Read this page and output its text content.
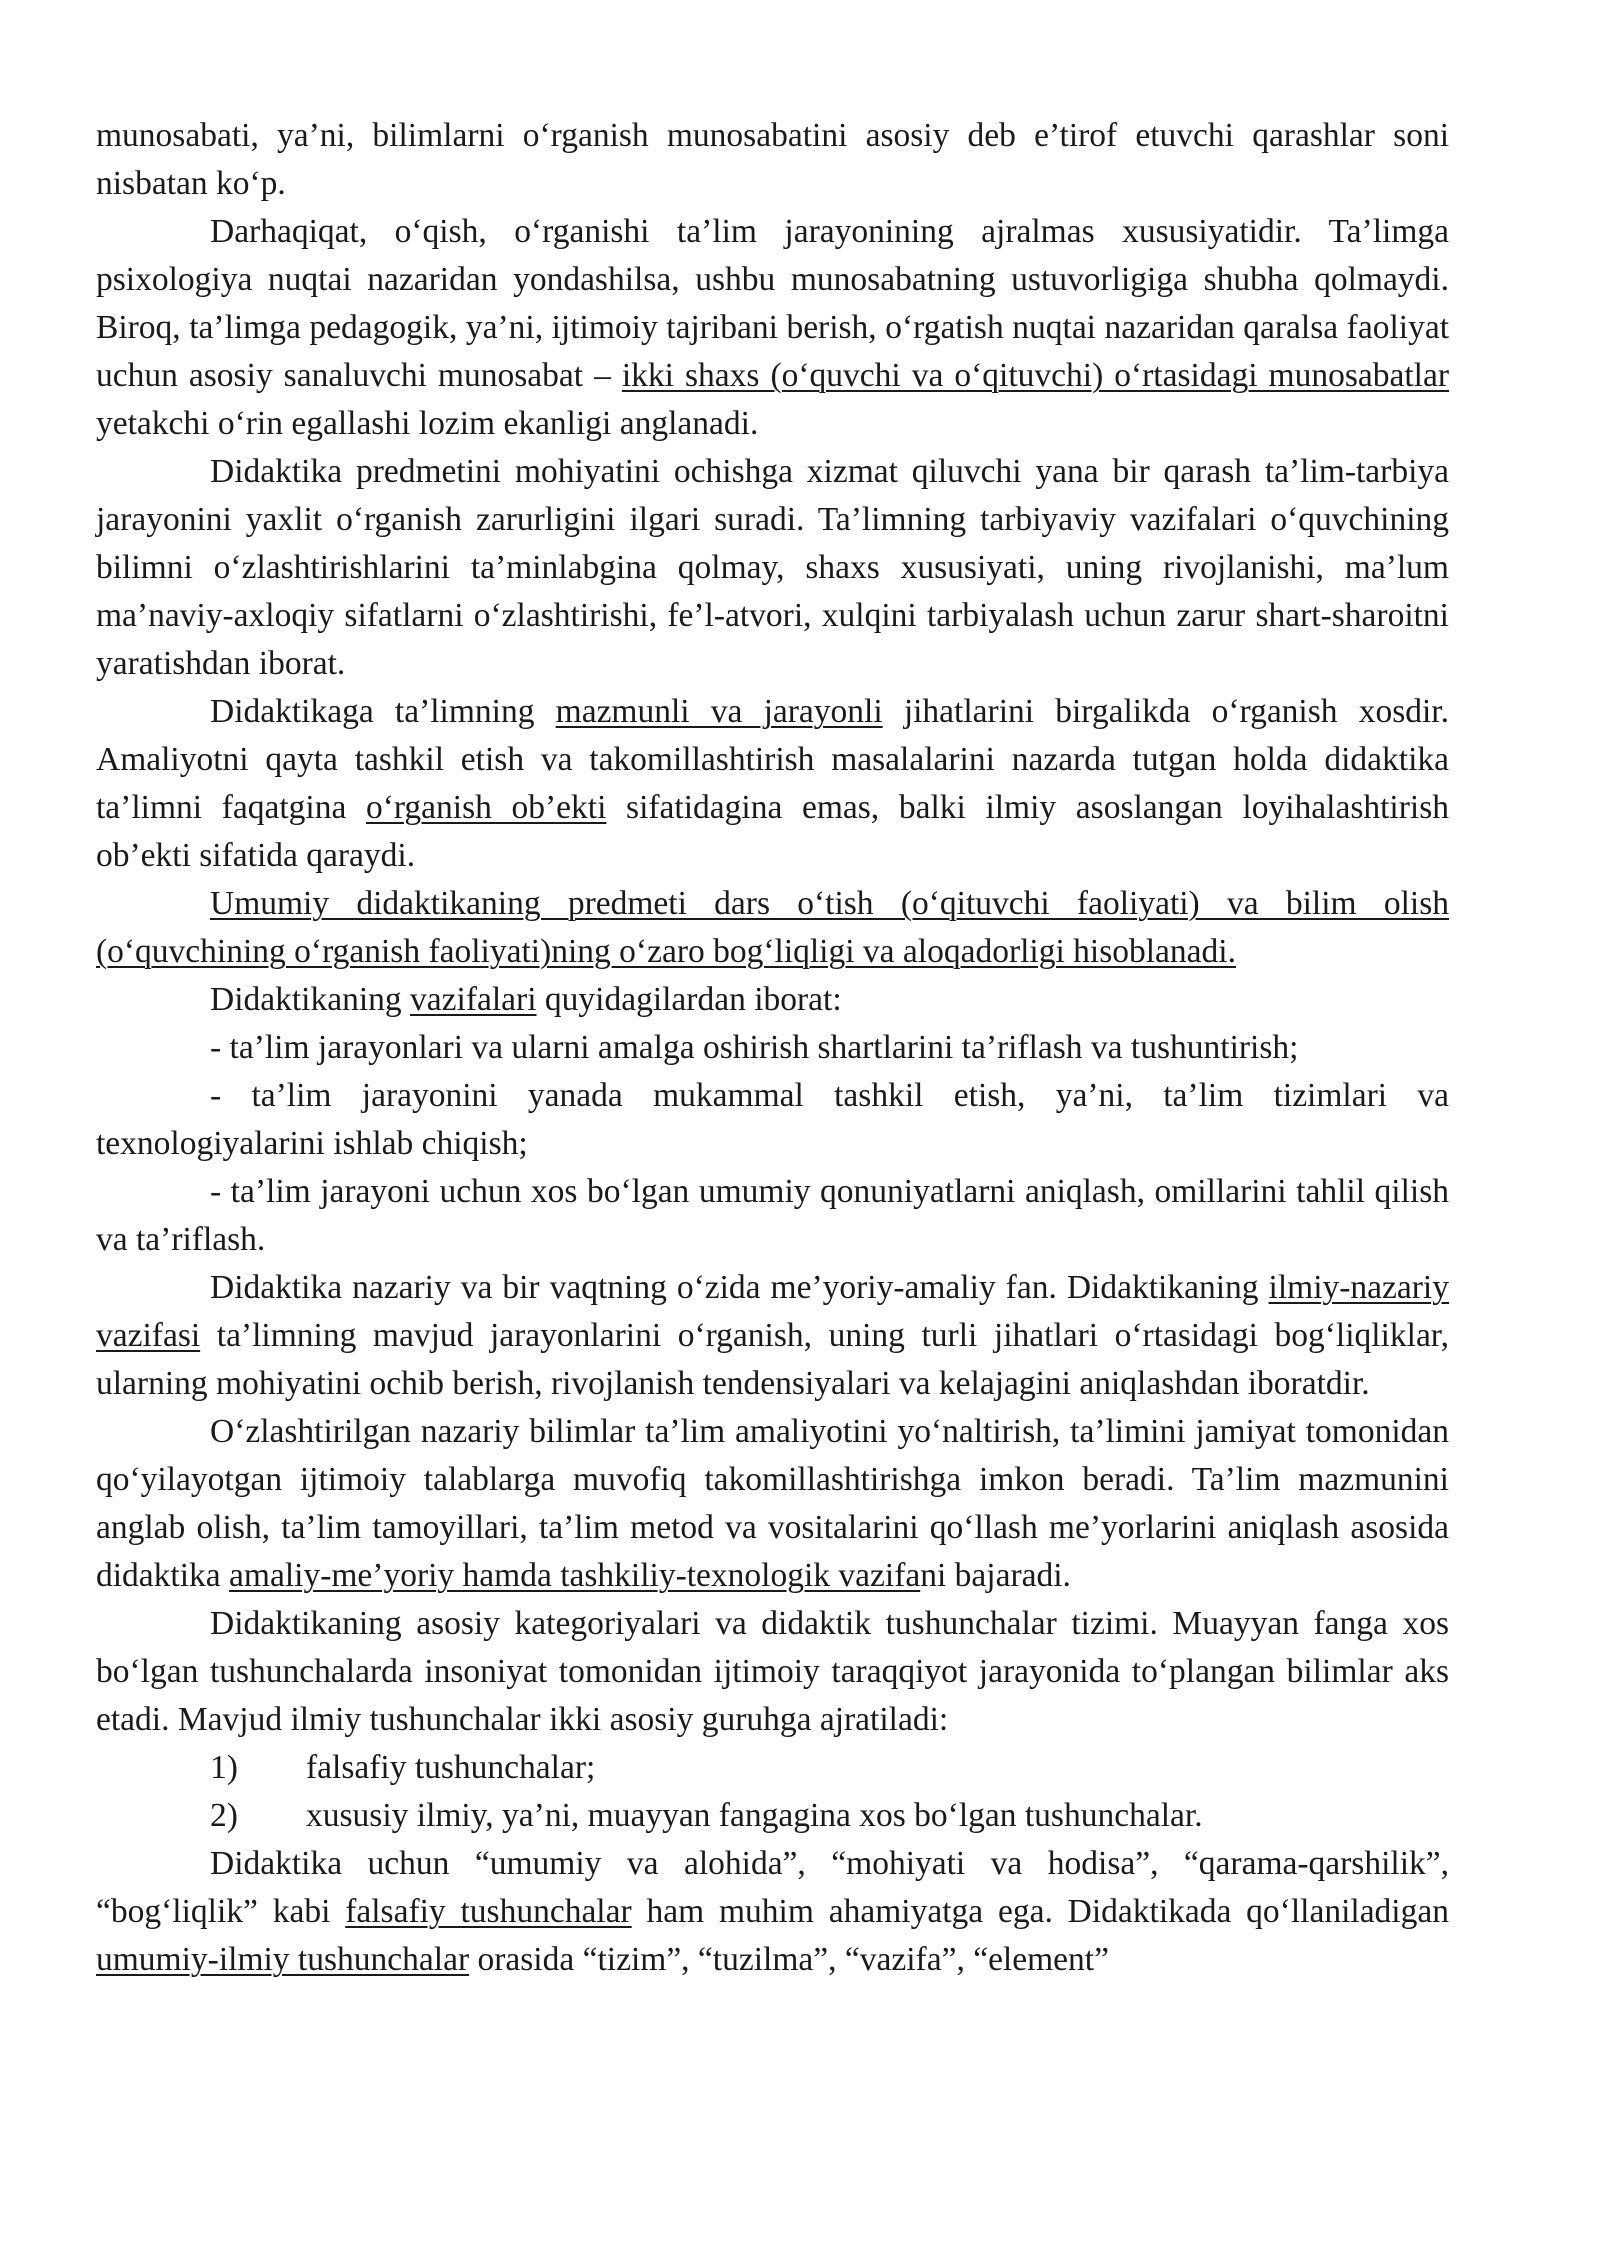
munosabati, ya’ni, bilimlarni o‘rganish munosabatini asosiy deb e’tirof etuvchi qarashlar soni nisbatan ko‘p.

Darhaqiqat, o‘qish, o‘rganishi ta’lim jarayonining ajralmas xususiyatidir. Ta’limga psixologiya nuqtai nazaridan yondashilsa, ushbu munosabatning ustuvorligiga shubha qolmaydi. Biroq, ta’limga pedagogik, ya’ni, ijtimoiy tajribani berish, o‘rgatish nuqtai nazaridan qaralsa faoliyat uchun asosiy sanaluvchi munosabat – ikki shaxs (o‘quvchi va o‘qituvchi) o‘rtasidagi munosabatlar yetakchi o‘rin egallashi lozim ekanligi anglanadi.

Didaktika predmetini mohiyatini ochishga xizmat qiluvchi yana bir qarash ta’lim-tarbiya jarayonini yaxlit o‘rganish zarurligini ilgari suradi. Ta’limning tarbiyaviy vazifalari o‘quvchining bilimni o‘zlashtirishlarini ta’minlabgina qolmay, shaxs xususiyati, uning rivojlanishi, ma’lum ma’naviy-axloqiy sifatlarni o‘zlashtirishi, fe’l-atvori, xulqini tarbiyalash uchun zarur shart-sharoitni yaratishdan iborat.

Didaktikaga ta’limning mazmunli va jarayonli jihatlarini birgalikda o‘rganish xosdir. Amaliyotni qayta tashkil etish va takomillashtirish masalalarini nazarda tutgan holda didaktika ta’limni faqatgina o‘rganish ob’ekti sifatidagina emas, balki ilmiy asoslangan loyihalashtirish ob’ekti sifatida qaraydi.

Umumiy didaktikaning predmeti dars o‘tish (o‘qituvchi faoliyati) va bilim olish (o‘quvchining o‘rganish faoliyati)ning o‘zaro bog‘liqligi va aloqadorligi hisoblanadi.

Didaktikaning vazifalari quyidagilardan iborat:

- ta’lim jarayonlari va ularni amalga oshirish shartlarini ta’riflash va tushuntirish;

- ta’lim jarayonini yanada mukammal tashkil etish, ya’ni, ta’lim tizimlari va texnologiyalarini ishlab chiqish;

- ta’lim jarayoni uchun xos bo‘lgan umumiy qonuniyatlarni aniqlash, omillarini tahlil qilish va ta’riflash.

Didaktika nazariy va bir vaqtning o‘zida me’yoriy-amaliy fan. Didaktikaning ilmiy-nazariy vazifasi ta’limning mavjud jarayonlarini o‘rganish, uning turli jihatlari o‘rtasidagi bog‘liqliklar, ularning mohiyatini ochib berish, rivojlanish tendensiyalari va kelajagini aniqlashdan iboratdir.

O‘zlashtirilgan nazariy bilimlar ta’lim amaliyotini yo‘naltirish, ta’limini jamiyat tomonidan qo‘yilayotgan ijtimoiy talablarga muvofiq takomillashtirishga imkon beradi. Ta’lim mazmunini anglab olish, ta’lim tamoyillari, ta’lim metod va vositalarini qo‘llash me’yorlarini aniqlash asosida didaktika amaliy-me’yoriy hamda tashkiliy-texnologik vazifani bajaradi.

Didaktikaning asosiy kategoriyalari va didaktik tushunchalar tizimi. Muayyan fanga xos bo‘lgan tushunchalarda insoniyat tomonidan ijtimoiy taraqqiyot jarayonida to‘plangan bilimlar aks etadi. Mavjud ilmiy tushunchalar ikki asosiy guruhga ajratiladi:

1)	falsafiy tushunchalar;
2)	xususiy ilmiy, ya’ni, muayyan fangagina xos bo‘lgan tushunchalar.

Didaktika uchun “umumiy va alohida”, “mohiyati va hodisa”, “qarama-qarshilik”, “bog‘liqlik” kabi falsafiy tushunchalar ham muhim ahamiyatga ega. Didaktikada qo‘llaniladigan umumiy-ilmiy tushunchalar orasida “tizim”, “tuzilma”, “vazifa”, “element”
